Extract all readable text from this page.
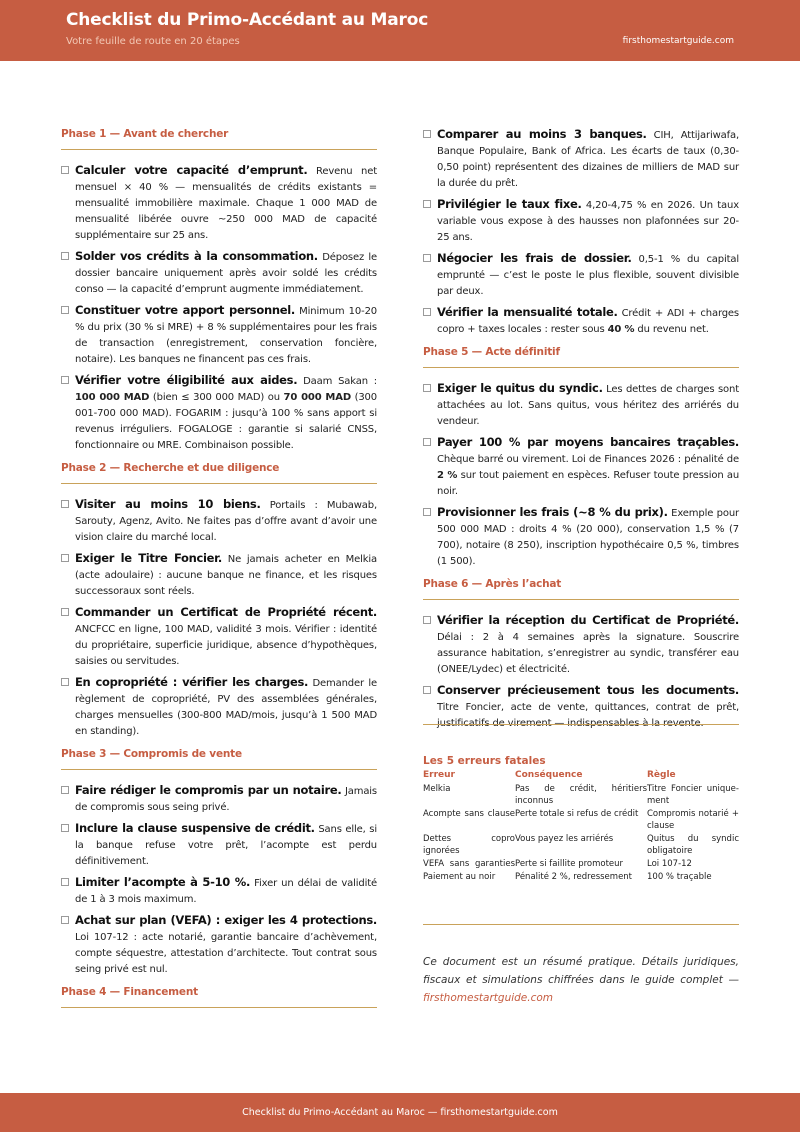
Checklist du Primo-Accédant au Maroc
Votre feuille de route en 20 étapes	firsthomestartguide.com
Phase 1 — Avant de chercher
Calculer votre capacité d’emprunt. Revenu net mensuel × 40 % — mensualités de crédits existants = mensualité immobilière maximale. Chaque 1 000 MAD de mensualité libérée ouvre ~250 000 MAD de capacité supplémentaire sur 25 ans.
Solder vos crédits à la consommation. Déposez le dossier bancaire uniquement après avoir soldé les crédits conso — la capacité d’emprunt augmente immédiatement.
Constituer votre apport personnel. Minimum 10-20 % du prix (30 % si MRE) + 8 % supplémentaires pour les frais de transaction (enregistrement, conservation foncière, notaire). Les banques ne financent pas ces frais.
Vérifier votre éligibilité aux aides. Daam Sakan : 100 000 MAD (bien ≤ 300 000 MAD) ou 70 000 MAD (300 001-700 000 MAD). FOGARIM : jusqu’à 100 % sans apport si revenus irréguliers. FOGALOGE : garantie si salarié CNSS, fonctionnaire ou MRE. Combinaison possible.
Phase 2 — Recherche et due diligence
Visiter au moins 10 biens. Portails : Mubawab, Sarouty, Agenz, Avito. Ne faites pas d’offre avant d’avoir une vision claire du marché local.
Exiger le Titre Foncier. Ne jamais acheter en Melkia (acte adoulaire) : aucune banque ne finance, et les risques successoraux sont réels.
Commander un Certificat de Propriété récent. ANCFCC en ligne, 100 MAD, validité 3 mois. Vérifier : identité du propriétaire, superficie juridique, absence d’hypothèques, saisies ou servitudes.
En copropriété : vérifier les charges. Demander le règlement de copropriété, PV des assemblées générales, charges mensuelles (300-800 MAD/mois, jusqu’à 1 500 MAD en standing).
Phase 3 — Compromis de vente
Faire rédiger le compromis par un notaire. Jamais de compromis sous seing privé.
Inclure la clause suspensive de crédit. Sans elle, si la banque refuse votre prêt, l’acompte est perdu définitivement.
Limiter l’acompte à 5-10 %. Fixer un délai de validité de 1 à 3 mois maximum.
Achat sur plan (VEFA) : exiger les 4 protections. Loi 107-12 : acte notarié, garantie bancaire d’achèvement, compte séquestre, attestation d’architecte. Tout contrat sous seing privé est nul.
Phase 4 — Financement
Comparer au moins 3 banques. CIH, Attijariwafa, Banque Populaire, Bank of Africa. Les écarts de taux (0,30-0,50 point) représentent des dizaines de milliers de MAD sur la durée du prêt.
Privilégier le taux fixe. 4,20-4,75 % en 2026. Un taux variable vous expose à des hausses non plafonnées sur 20-25 ans.
Négocier les frais de dossier. 0,5-1 % du capital emprunté — c’est le poste le plus flexible, souvent divisible par deux.
Vérifier la mensualité totale. Crédit + ADI + charges copro + taxes locales : rester sous 40 % du revenu net.
Phase 5 — Acte définitif
Exiger le quitus du syndic. Les dettes de charges sont attachées au lot. Sans quitus, vous héritez des arriérés du vendeur.
Payer 100 % par moyens bancaires traçables. Chèque barré ou virement. Loi de Finances 2026 : pénalité de 2 % sur tout paiement en espèces. Refuser toute pression au noir.
Provisionner les frais (~8 % du prix). Exemple pour 500 000 MAD : droits 4 % (20 000), conservation 1,5 % (7 700), notaire (8 250), inscription hypothécaire 0,5 %, timbres (1 500).
Phase 6 — Après l’achat
Vérifier la réception du Certificat de Propriété. Délai : 2 à 4 semaines après la signature. Souscrire assurance habitation, s’enregistrer au syndic, transférer eau (ONEE/Lydec) et électricité.
Conserver précieusement tous les documents. Titre Foncier, acte de vente, quittances, contrat de prêt, justificatifs de virement — indispensables à la revente.
Les 5 erreurs fatales
Erreur	Conséquence	Règle
Melkia	Pas de crédit, héritiers inconnus	Titre Foncier uniquement
Acompte sans clause	Perte totale si refus de crédit	Compromis notarié + clause
Dettes copro ignorées	Vous payez les arriérés	Quitus du syndic obligatoire
VEFA sans garanties	Perte si faillite promoteur	Loi 107-12
Paiement au noir	Pénalité 2 %, redressement	100 % traçable
Ce document est un résumé pratique. Détails juridiques, fiscaux et simulations chiffrées dans le guide complet — firsthomestartguide.com
Checklist du Primo-Accédant au Maroc — firsthomestartguide.com
